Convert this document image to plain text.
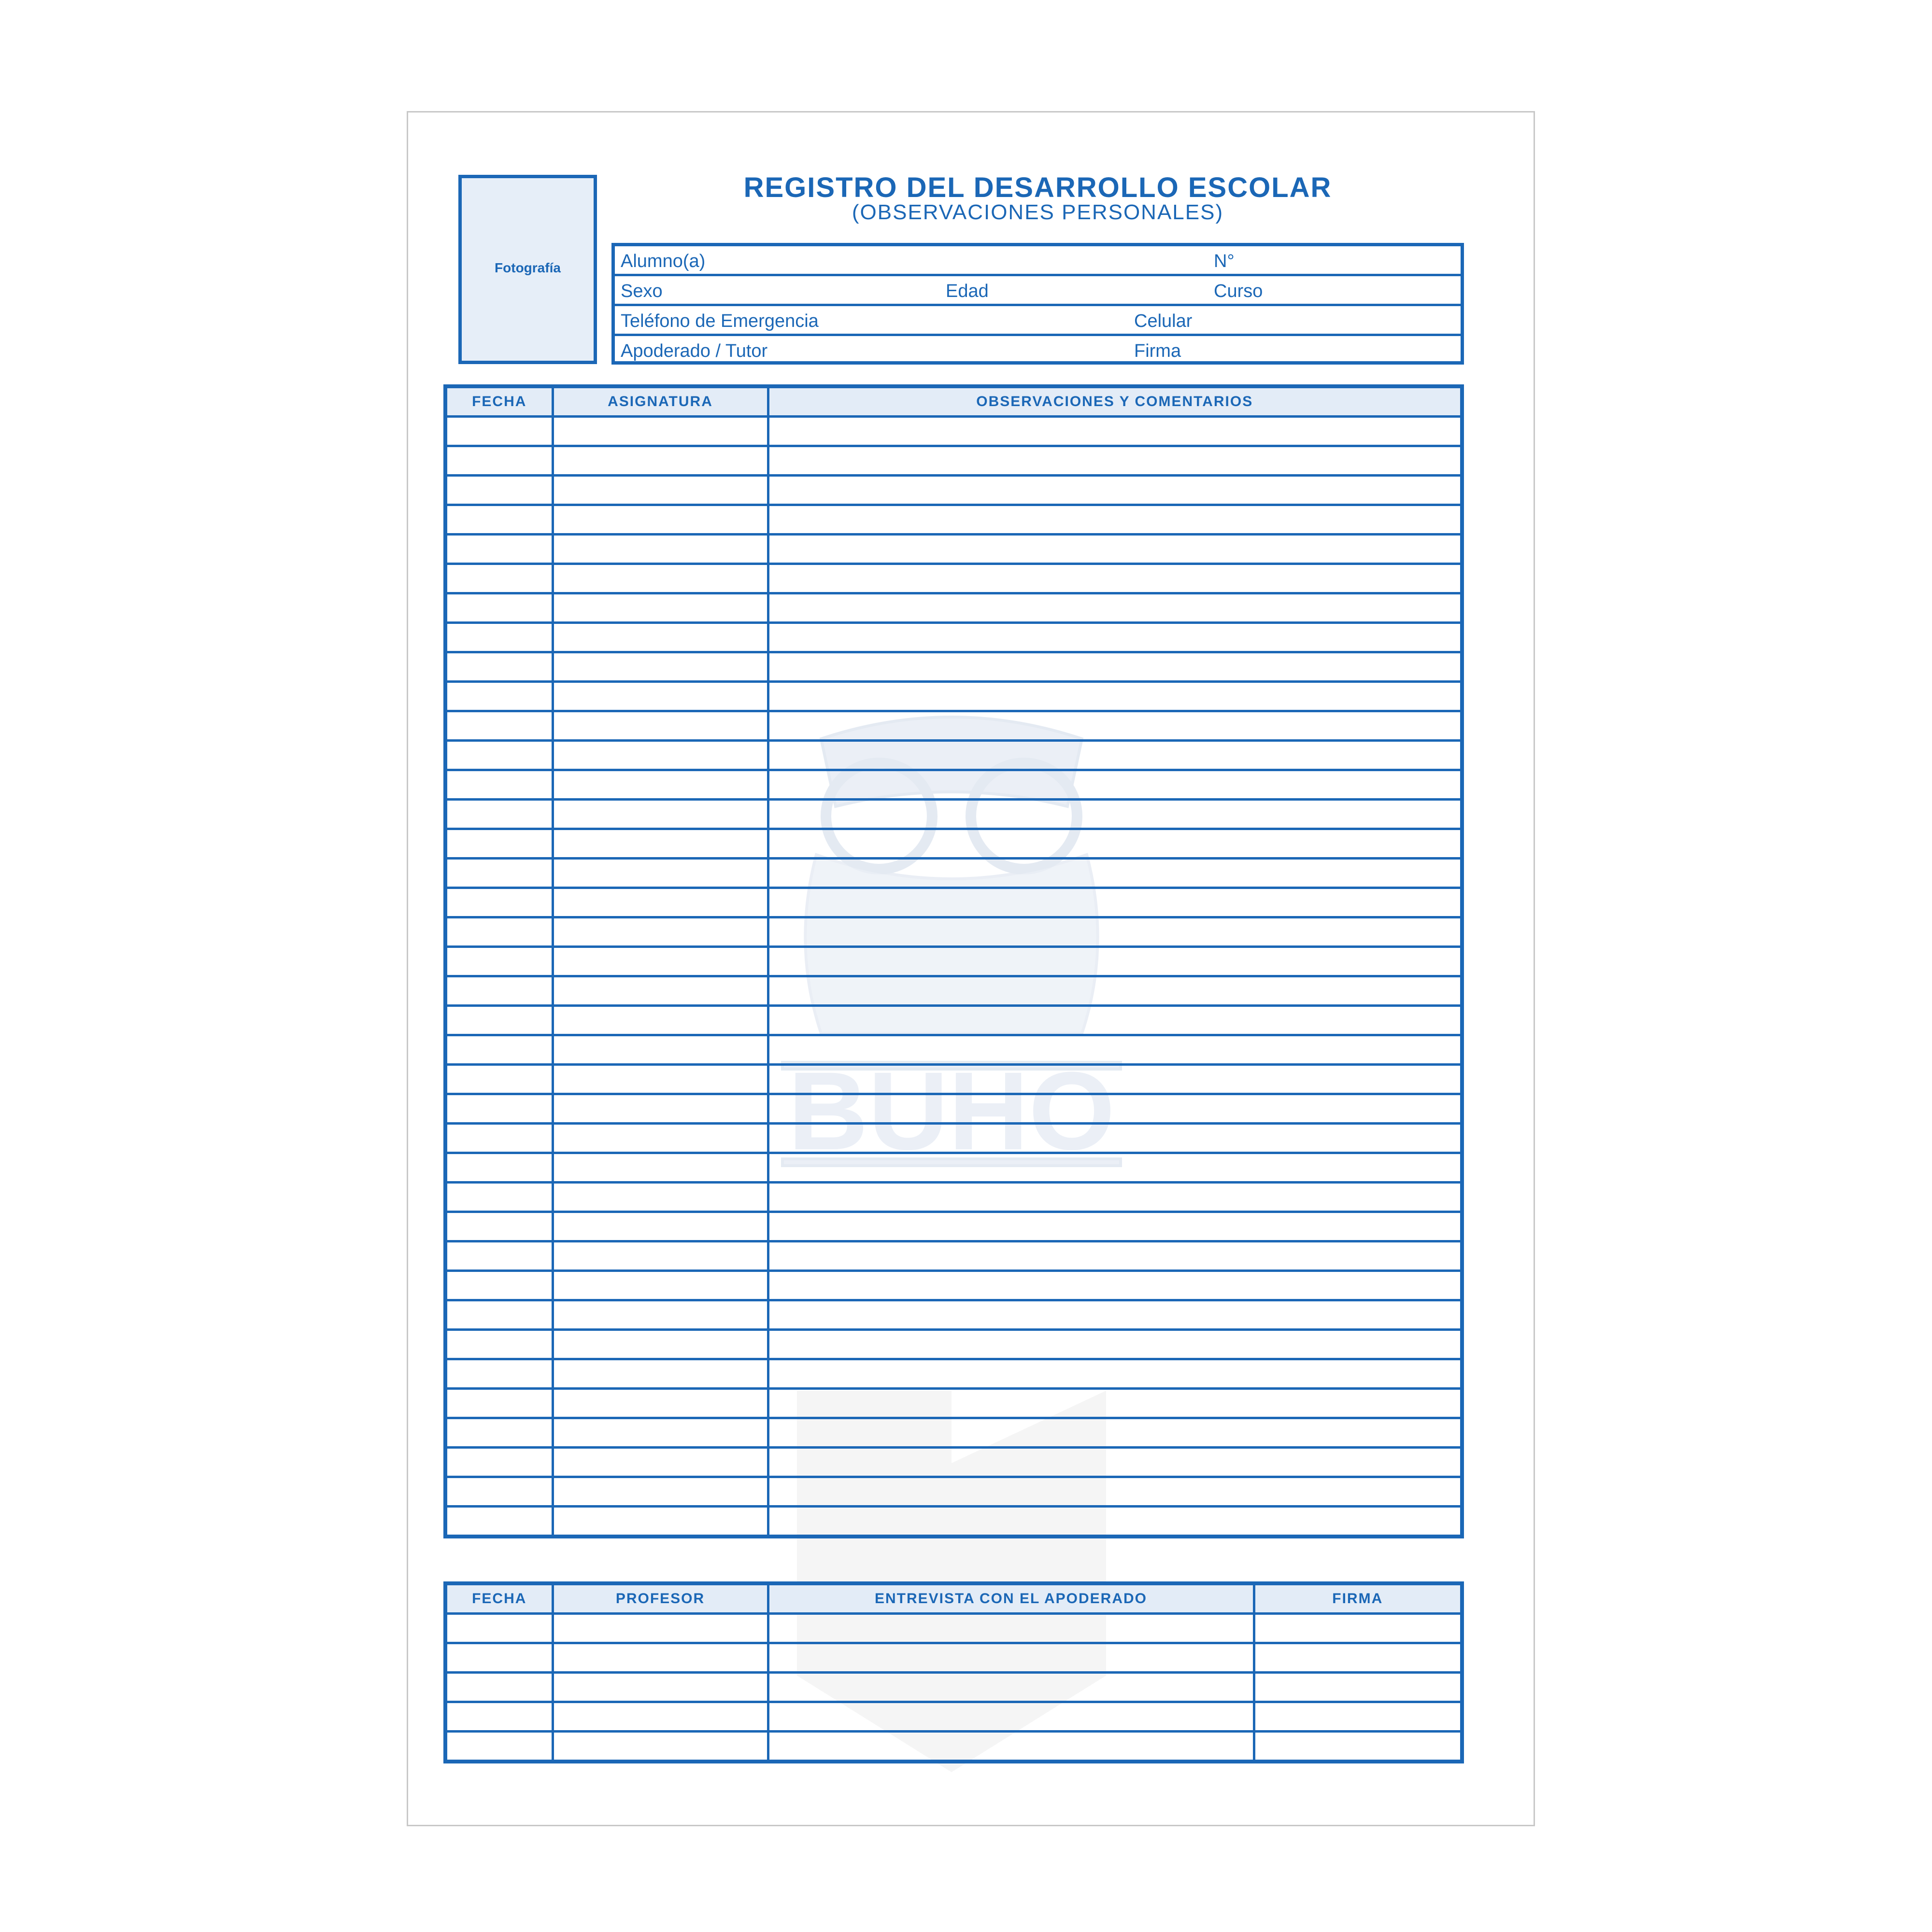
BUHO
Fotografía
REGISTRO DEL DESARROLLO ESCOLAR
(OBSERVACIONES PERSONALES)
Alumno(a)	N°
Sexo	Edad	Curso
Teléfono de Emergencia	Celular
Apoderado / Tutor	Firma
FECHA	ASIGNATURA	OBSERVACIONES Y COMENTARIOS

FECHA	PROFESOR	ENTREVISTA CON EL APODERADO	FIRMA
